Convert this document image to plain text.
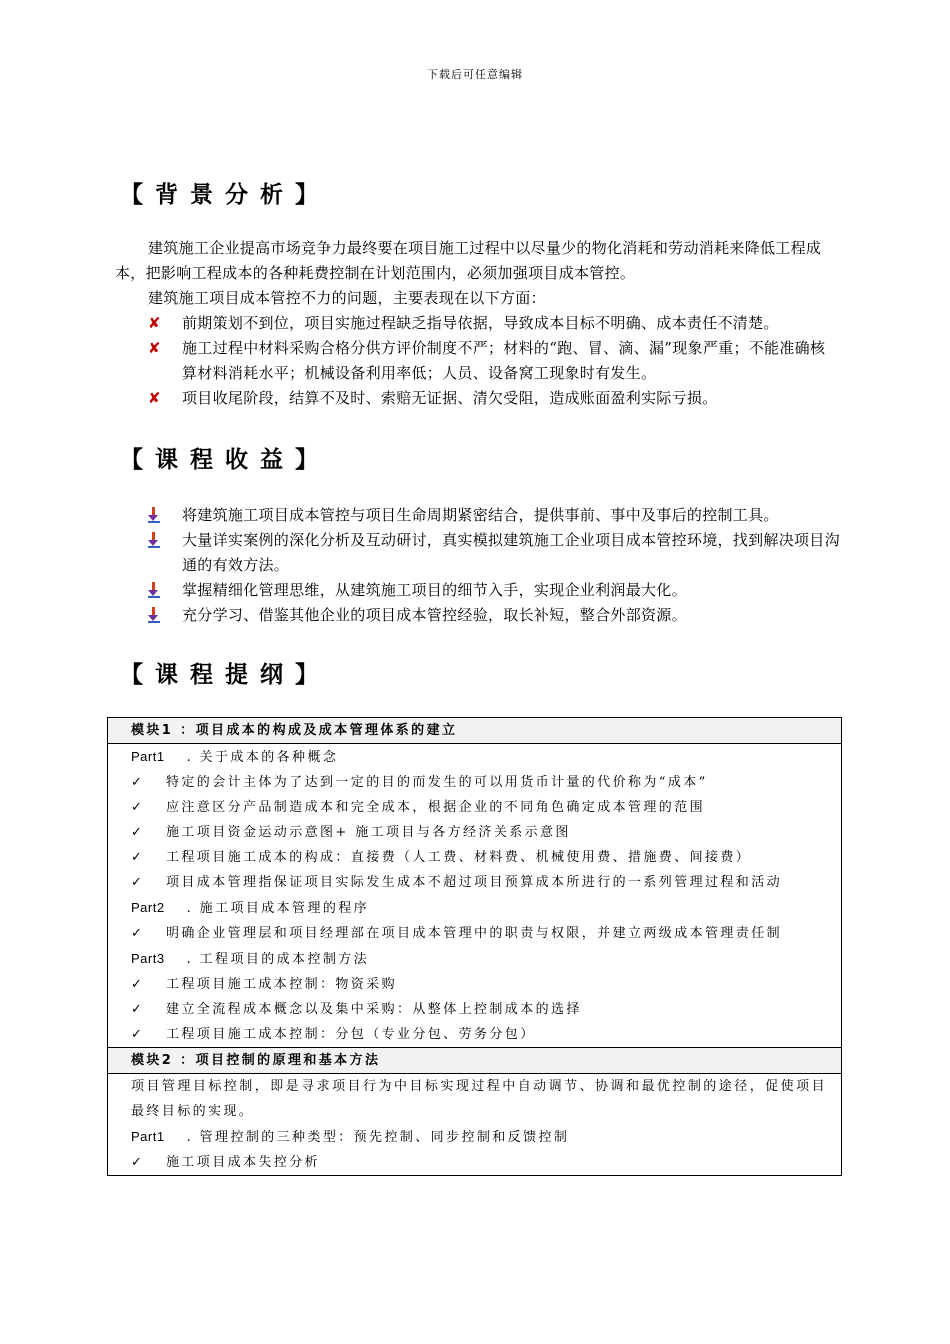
下载后可任意编辑
【背景分析】
建筑施工企业提高市场竞争力最终要在项目施工过程中以尽量少的物化消耗和劳动消耗来降低工程成本，把影响工程成本的各种耗费控制在计划范围内，必须加强项目成本管控。
建筑施工项目成本管控不力的问题，主要表现在以下方面：
✘	前期策划不到位，项目实施过程缺乏指导依据，导致成本目标不明确、成本责任不清楚。
✘	施工过程中材料采购合格分供方评价制度不严；材料的“跑、冒、滴、漏”现象严重；不能准确核算材料消耗水平；机械设备利用率低；人员、设备窝工现象时有发生。
✘	项目收尾阶段，结算不及时、索赔无证据、清欠受阻，造成账面盈利实际亏损。
【课程收益】
将建筑施工项目成本管控与项目生命周期紧密结合，提供事前、事中及事后的控制工具。
大量详实案例的深化分析及互动研讨，真实模拟建筑施工企业项目成本管控环境，找到解决项目沟通的有效方法。
掌握精细化管理思维，从建筑施工项目的细节入手，实现企业利润最大化。
充分学习、借鉴其他企业的项目成本管控经验，取长补短，整合外部资源。
【课程提纲】
模块1 ：项目成本的构成及成本管理体系的建立
Part1 . 关于成本的各种概念
✓ 特定的会计主体为了达到一定的目的而发生的可以用货币计量的代价称为“成本”
✓ 应注意区分产品制造成本和完全成本，根据企业的不同角色确定成本管理的范围
✓ 施工项目资金运动示意图+ 施工项目与各方经济关系示意图
✓ 工程项目施工成本的构成：直接费（人工费、材料费、机械使用费、措施费、间接费）
✓ 项目成本管理指保证项目实际发生成本不超过项目预算成本所进行的一系列管理过程和活动
Part2 . 施工项目成本管理的程序
✓ 明确企业管理层和项目经理部在项目成本管理中的职责与权限，并建立两级成本管理责任制
Part3 . 工程项目的成本控制方法
✓ 工程项目施工成本控制：物资采购
✓ 建立全流程成本概念以及集中采购：从整体上控制成本的选择
✓ 工程项目施工成本控制：分包（专业分包、劳务分包）
模块2 ：项目控制的原理和基本方法
项目管理目标控制，即是寻求项目行为中目标实现过程中自动调节、协调和最优控制的途径，促使项目最终目标的实现。
Part1 . 管理控制的三种类型：预先控制、同步控制和反馈控制
✓ 施工项目成本失控分析
